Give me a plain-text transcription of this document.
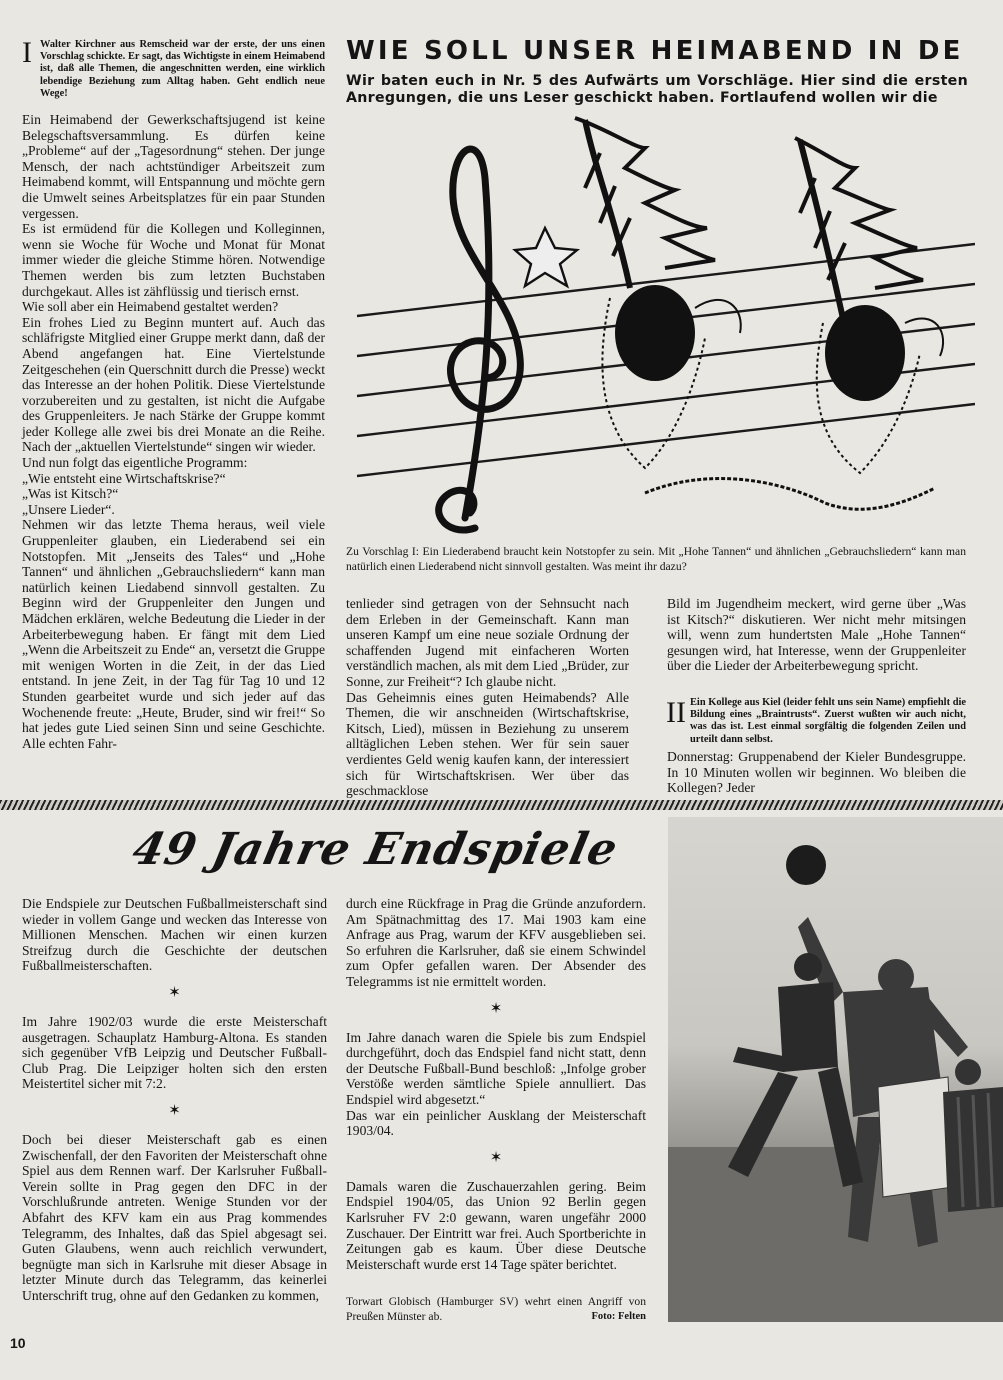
I Walter Kirchner aus Remscheid war der erste, der uns einen Vorschlag schickte. Er sagt, das Wichtigste in einem Heimabend ist, daß alle Themen, die angeschnitten werden, eine wirklich lebendige Beziehung zum Alltag haben. Geht endlich neue Wege!

Ein Heimabend der Gewerkschaftsjugend ist keine Belegschaftsversammlung. Es dürfen keine „Probleme“ auf der „Tagesordnung“ stehen. Der junge Mensch, der nach achtstündiger Arbeitszeit zum Heimabend kommt, will Entspannung und möchte gern die Umwelt seines Arbeitsplatzes für ein paar Stunden vergessen.

Es ist ermüdend für die Kollegen und Kolleginnen, wenn sie Woche für Woche und Monat für Monat immer wieder die gleiche Stimme hören. Notwendige Themen werden bis zum letzten Buchstaben durchgekaut. Alles ist zähflüssig und tierisch ernst.

Wie soll aber ein Heimabend gestaltet werden?

Ein frohes Lied zu Beginn muntert auf. Auch das schläfrigste Mitglied einer Gruppe merkt dann, daß der Abend angefangen hat. Eine Viertelstunde Zeitgeschehen (ein Querschnitt durch die Presse) weckt das Interesse an der hohen Politik. Diese Viertelstunde vorzubereiten und zu gestalten, ist nicht die Aufgabe des Gruppenleiters. Je nach Stärke der Gruppe kommt jeder Kollege alle zwei bis drei Monate an die Reihe. Nach der „aktuellen Viertelstunde“ singen wir wieder.

Und nun folgt das eigentliche Programm:

„Wie entsteht eine Wirtschaftskrise?“

„Was ist Kitsch?“

„Unsere Lieder“.

Nehmen wir das letzte Thema heraus, weil viele Gruppenleiter glauben, ein Liederabend sei ein Notstopfen. Mit „Jenseits des Tales“ und „Hohe Tannen“ und ähnlichen „Gebrauchsliedern“ kann man natürlich keinen Liedabend sinnvoll gestalten. Zu Beginn wird der Gruppenleiter den Jungen und Mädchen erklären, welche Bedeutung die Lieder in der Arbeiterbewegung haben. Er fängt mit dem Lied „Wenn die Arbeitszeit zu Ende“ an, versetzt die Gruppe mit wenigen Worten in die Zeit, in der das Lied entstand. In jene Zeit, in der Tag für Tag 10 und 12 Stunden gearbeitet wurde und sich jeder auf das Wochenende freute: „Heute, Bruder, sind wir frei!“ So hat jedes gute Lied seinen Sinn und seine Geschichte. Alle echten Fahr-

WIE SOLL UNSER HEIMABEND IN DE
Wir baten euch in Nr. 5 des Aufwärts um Vorschläge. Hier sind die ersten Anregungen, die uns Leser geschickt haben. Fortlaufend wollen wir die
Zu Vorschlag I: Ein Liederabend braucht kein Notstopfer zu sein. Mit „Hohe Tannen“ und ähnlichen „Gebrauchsliedern“ kann man natürlich einen Liederabend nicht sinnvoll gestalten. Was meint ihr dazu?

tenlieder sind getragen von der Sehnsucht nach dem Erleben in der Gemeinschaft. Kann man unseren Kampf um eine neue soziale Ordnung der schaffenden Jugend mit einfacheren Worten verständlich machen, als mit dem Lied „Brüder, zur Sonne, zur Freiheit“? Ich glaube nicht.

Das Geheimnis eines guten Heimabends? Alle Themen, die wir anschneiden (Wirtschaftskrise, Kitsch, Lied), müssen in Beziehung zu unserem alltäglichen Leben stehen. Wer für sein sauer verdientes Geld wenig kaufen kann, der interessiert sich für Wirtschaftskrisen. Wer über das geschmacklose

Bild im Jugendheim meckert, wird gerne über „Was ist Kitsch?“ diskutieren. Wer nicht mehr mitsingen will, wenn zum hundertsten Male „Hohe Tannen“ gesungen wird, hat Interesse, wenn der Gruppenleiter über die Lieder der Arbeiterbewegung spricht.
II Ein Kollege aus Kiel (leider fehlt uns sein Name) empfiehlt die Bildung eines „Braintrusts“. Zuerst wußten wir auch nicht, was das ist. Lest einmal sorgfältig die folgenden Zeilen und urteilt dann selbst.
Donnerstag: Gruppenabend der Kieler Bundesgruppe. In 10 Minuten wollen wir beginnen. Wo bleiben die Kollegen? Jeder
49 Jahre Endspiele

Die Endspiele zur Deutschen Fußballmeisterschaft sind wieder in vollem Gange und wecken das Interesse von Millionen Menschen. Machen wir einen kurzen Streifzug durch die Geschichte der deutschen Fußballmeisterschaften.

✶

Im Jahre 1902/03 wurde die erste Meisterschaft ausgetragen. Schauplatz Hamburg-Altona. Es standen sich gegenüber VfB Leipzig und Deutscher Fußball-Club Prag. Die Leipziger holten sich den ersten Meistertitel sicher mit 7:2.

✶

Doch bei dieser Meisterschaft gab es einen Zwischenfall, der den Favoriten der Meisterschaft ohne Spiel aus dem Rennen warf. Der Karlsruher Fußball-Verein sollte in Prag gegen den DFC in der Vorschlußrunde antreten. Wenige Stunden vor der Abfahrt des KFV kam ein aus Prag kommendes Telegramm, des Inhaltes, daß das Spiel abgesagt sei. Guten Glaubens, wenn auch reichlich verwundert, begnügte man sich in Karlsruhe mit dieser Absage in letzter Minute durch das Telegramm, das keinerlei Unterschrift trug, ohne auf den Gedanken zu kommen,

durch eine Rückfrage in Prag die Gründe anzufordern. Am Spätnachmittag des 17. Mai 1903 kam eine Anfrage aus Prag, warum der KFV ausgeblieben sei. So erfuhren die Karlsruher, daß sie einem Schwindel zum Opfer gefallen waren. Der Absender des Telegramms ist nie ermittelt worden.

✶

Im Jahre danach waren die Spiele bis zum Endspiel durchgeführt, doch das Endspiel fand nicht statt, denn der Deutsche Fußball-Bund beschloß: „Infolge grober Verstöße werden sämtliche Spiele annulliert. Das Endspiel wird abgesetzt.“

Das war ein peinlicher Ausklang der Meisterschaft 1903/04.

✶

Damals waren die Zuschauerzahlen gering. Beim Endspiel 1904/05, das Union 92 Berlin gegen Karlsruher FV 2:0 gewann, waren ungefähr 2000 Zuschauer. Der Eintritt war frei. Auch Sportberichte in Zeitungen gab es kaum. Über diese Deutsche Meisterschaft wurde erst 14 Tage später berichtet.

Torwart Globisch (Hamburger SV) wehrt einen Angriff von Preußen Münster ab.	Foto: Felten
10
